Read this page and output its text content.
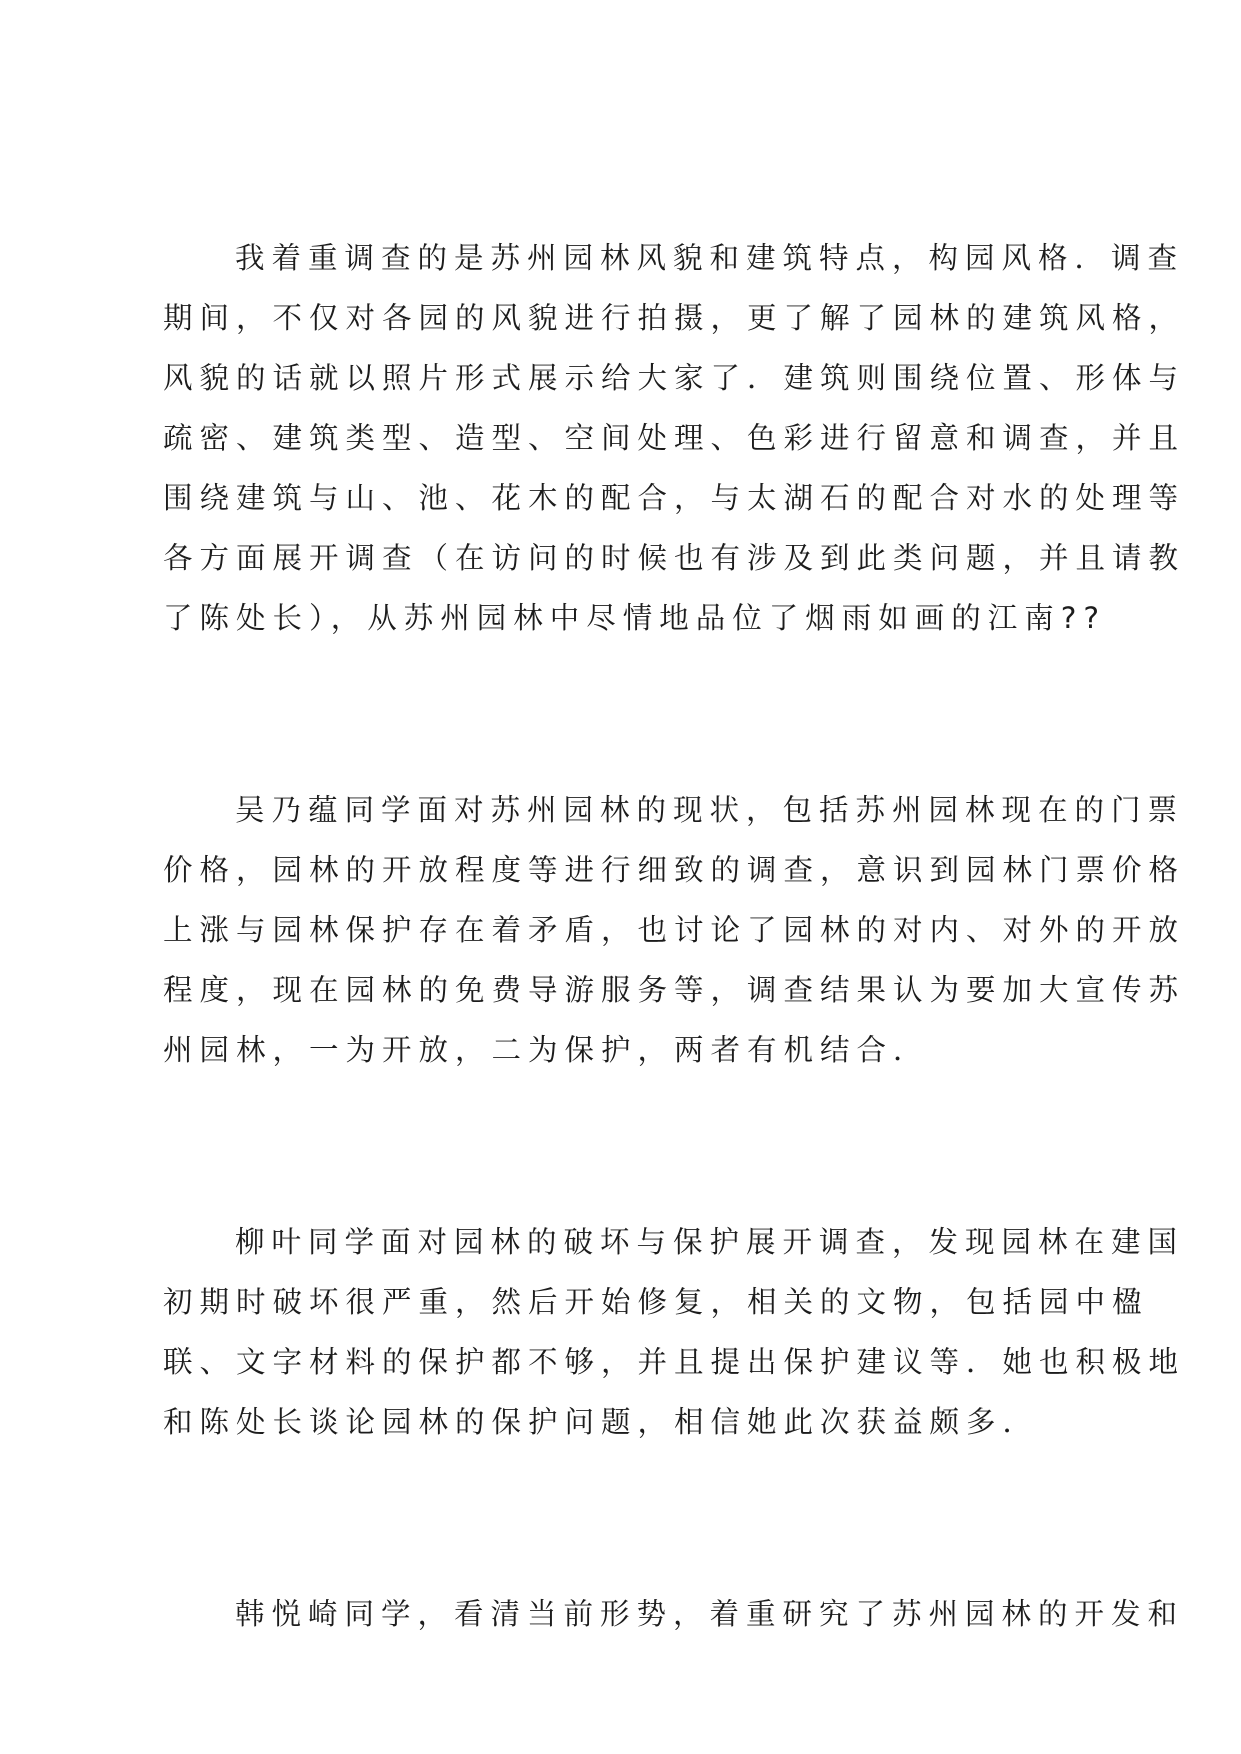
我着重调查的是苏州园林风貌和建筑特点，构园风格．调查
期间，不仅对各园的风貌进行拍摄，更了解了园林的建筑风格，
风貌的话就以照片形式展示给大家了．建筑则围绕位置、形体与
疏密、建筑类型、造型、空间处理、色彩进行留意和调查，并且
围绕建筑与山、池、花木的配合，与太湖石的配合对水的处理等
各方面展开调查（在访问的时候也有涉及到此类问题，并且请教
了陈处长），从苏州园林中尽情地品位了烟雨如画的江南??
吴乃蕴同学面对苏州园林的现状，包括苏州园林现在的门票
价格，园林的开放程度等进行细致的调查，意识到园林门票价格
上涨与园林保护存在着矛盾，也讨论了园林的对内、对外的开放
程度，现在园林的免费导游服务等，调查结果认为要加大宣传苏
州园林，一为开放，二为保护，两者有机结合．
柳叶同学面对园林的破坏与保护展开调查，发现园林在建国
初期时破坏很严重，然后开始修复，相关的文物，包括园中楹
联、文字材料的保护都不够，并且提出保护建议等．她也积极地
和陈处长谈论园林的保护问题，相信她此次获益颇多．
韩悦崎同学，看清当前形势，着重研究了苏州园林的开发和
